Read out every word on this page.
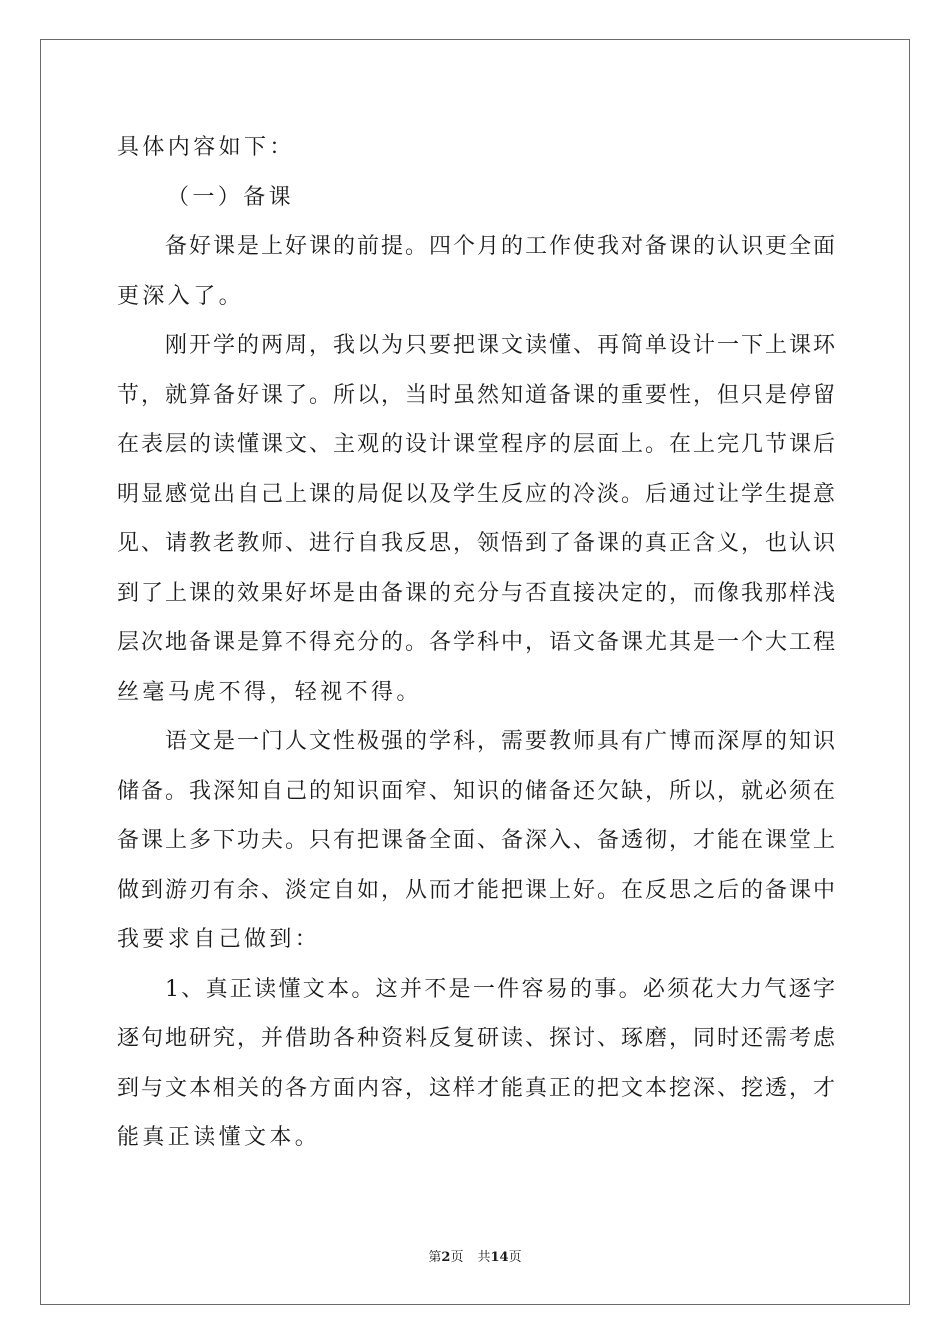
具体内容如下：
（一）备课
备好课是上好课的前提。四个月的工作使我对备课的认识更全面
更深入了。
刚开学的两周，我以为只要把课文读懂、再简单设计一下上课环
节，就算备好课了。所以，当时虽然知道备课的重要性，但只是停留
在表层的读懂课文、主观的设计课堂程序的层面上。在上完几节课后
明显感觉出自己上课的局促以及学生反应的冷淡。后通过让学生提意
见、请教老教师、进行自我反思，领悟到了备课的真正含义，也认识
到了上课的效果好坏是由备课的充分与否直接决定的，而像我那样浅
层次地备课是算不得充分的。各学科中，语文备课尤其是一个大工程
丝毫马虎不得，轻视不得。
语文是一门人文性极强的学科，需要教师具有广博而深厚的知识
储备。我深知自己的知识面窄、知识的储备还欠缺，所以，就必须在
备课上多下功夫。只有把课备全面、备深入、备透彻，才能在课堂上
做到游刃有余、淡定自如，从而才能把课上好。在反思之后的备课中
我要求自己做到：
1、真正读懂文本。这并不是一件容易的事。必须花大力气逐字
逐句地研究，并借助各种资料反复研读、探讨、琢磨，同时还需考虑
到与文本相关的各方面内容，这样才能真正的把文本挖深、挖透，才
能真正读懂文本。
第2页 共14页
